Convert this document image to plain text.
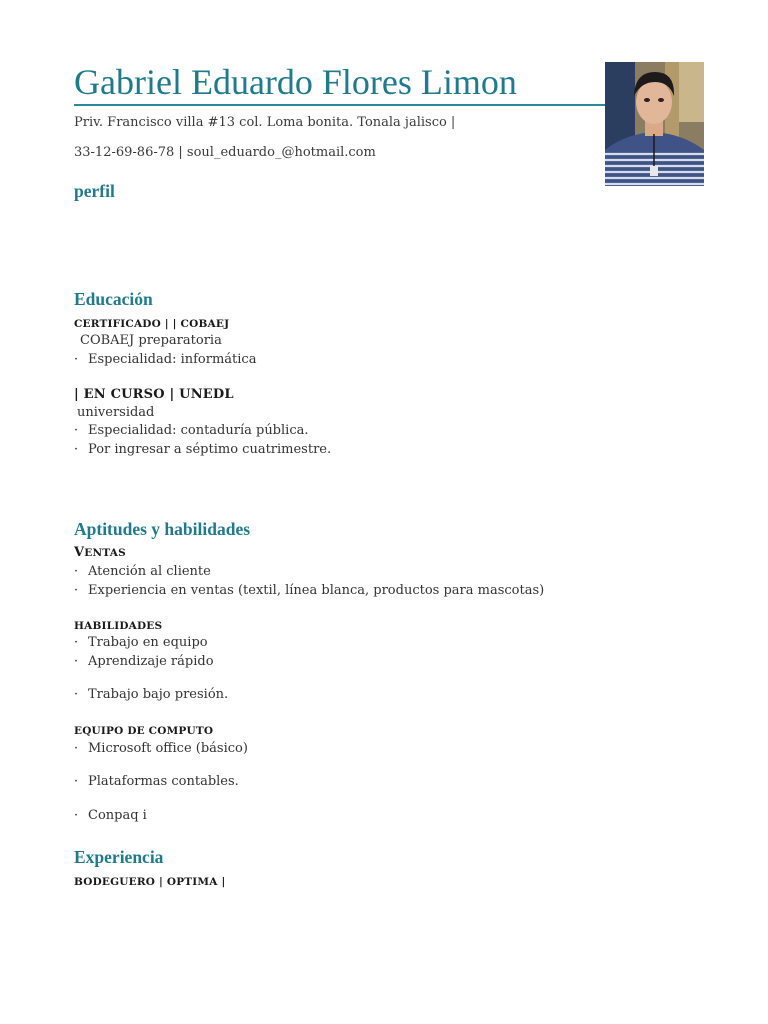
Gabriel Eduardo Flores Limon
Priv. Francisco villa #13 col. Loma bonita. Tonala jalisco |
33-12-69-86-78 | soul_eduardo_@hotmail.com
perfil
Educación
CERTIFICADO | | COBAEJ
COBAEJ preparatoria
· Especialidad: informática
| EN CURSO | UNEDL
universidad
· Especialidad: contaduría pública.
· Por ingresar a séptimo cuatrimestre.
Aptitudes y habilidades
VENTAS
· Atención al cliente
· Experiencia en ventas (textil, línea blanca, productos para mascotas)
HABILIDADES
· Trabajo en equipo
· Aprendizaje rápido
· Trabajo bajo presión.
EQUIPO DE COMPUTO
· Microsoft office (básico)
· Plataformas contables.
· Conpaq i
Experiencia
BODEGUERO | OPTIMA |
